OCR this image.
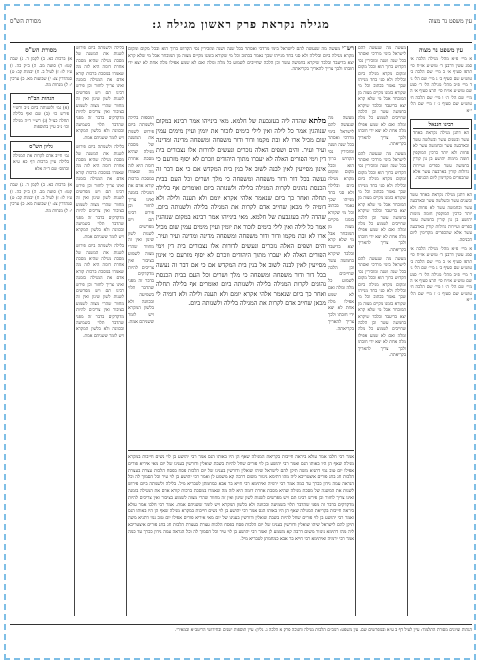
עין משפט נר מצוה
מגילה נקראת פרק ראשון מגילה ג:
מסורת הש"ס
עין משפט נר מצוה

א מיי׳ פ״א מהל׳ מגילה הלכה א׳ סמג עשין דרבנן ד׳ טוש״ע או״ח סי׳ תרפז סעיף א׳ ב מיי׳ שם הלכה ב׳ טוש״ע שם סעיף ב׳ ג מיי׳ שם הל׳ ג׳ ד מיי׳ פ״ב מהל׳ מגילה הל׳ ד׳ סמג שם טוש״ע או״ח סי׳ תרצ סעיף א׳ ה מיי׳ שם הל׳ ה׳ ו מיי׳ שם הלכה ח׳ טוש״ע שם סעיף ג׳ ז מיי׳ שם הל׳ י״א

רבינו חננאל

הא דתנן מגילה נקראת באחד עשר ובשנים עשר ובשלשה עשר ובארבעה עשר ובחמשה עשר לא פחות ולא יותר כרכין המוקפין חומה מימות יהושע בן נון קורין בחמשה עשר כפרים ועיירות גדולות קורין בארבעה עשר אלא שהכפרים מקדימין ליום הכניסה.

הא דתנן מגילה נקראת באחד עשר ובשנים עשר ובשלשה עשר ובארבעה עשר ובחמשה עשר לא פחות ולא יותר כרכין המוקפין חומה מימות יהושע בן נון קורין בחמשה עשר כפרים ועיירות גדולות קורין בארבעה עשר אלא שהכפרים מקדימין ליום הכניסה.

א מיי׳ פ״א מהל׳ מגילה הלכה א׳ סמג עשין דרבנן ד׳ טוש״ע או״ח סי׳ תרפז סעיף א׳ ב מיי׳ שם הלכה ב׳ טוש״ע שם סעיף ב׳ ג מיי׳ שם הל׳ ג׳ ד מיי׳ פ״ב מהל׳ מגילה הל׳ ד׳ סמג שם טוש״ע או״ח סי׳ תרצ סעיף א׳ ה מיי׳ שם הל׳ ה׳ ו מיי׳ שם הלכה ח׳ טוש״ע שם סעיף ג׳ ז מיי׳ שם הל׳ י״א

מעשה מה שנעשה להם לישראל בימי מרדכי ואסתר בכל שנה ושנה ומזכירין נסי הקדוש ברוך הוא ובכל מקום ומקום מקרא מגילה ביום ובלילה ולא סגי בחד מנייהו שכך נאמר בכתוב וכל מי שקורא בזמנו מקיים מצוה מן המובחר אבל מי שלא קרא יצא בדיעבד ובלבד שיקרא בחמשה עשר וכן הלכה שחייבים לשמוע כל מלה ומלה ואם לא שמע אפילו מלה אחת לא יצא ידי חובתו ולכך צריך להאריך בקריאתה.

מעשה מה שנעשה להם לישראל בימי מרדכי ואסתר בכל שנה ושנה ומזכירין נסי הקדוש ברוך הוא ובכל מקום ומקום מקרא מגילה ביום ובלילה ולא סגי בחד מנייהו שכך נאמר בכתוב וכל מי שקורא בזמנו מקיים מצוה מן המובחר אבל מי שלא קרא יצא בדיעבד ובלבד שיקרא בחמשה עשר וכן הלכה שחייבים לשמוע כל מלה ומלה ואם לא שמע אפילו מלה אחת לא יצא ידי חובתו ולכך צריך להאריך בקריאתה.

מעשה מה שנעשה להם לישראל בימי מרדכי ואסתר בכל שנה ושנה ומזכירין נסי הקדוש ברוך הוא ובכל מקום ומקום מקרא מגילה ביום ובלילה ולא סגי בחד מנייהו שכך נאמר בכתוב וכל מי שקורא בזמנו מקיים מצוה מן המובחר אבל מי שלא קרא יצא בדיעבד ובלבד שיקרא בחמשה עשר וכן הלכה שחייבים לשמוע כל מלה ומלה ואם לא שמע אפילו מלה אחת לא יצא ידי חובתו ולכך צריך להאריך בקריאתה.

רש"י מעשה מה שנעשה להם לישראל בימי מרדכי ואסתר בכל שנה ושנה ומזכירין נסי הקדוש ברוך הוא ובכל מקום ומקום מקרא מגילה ביום ובלילה ולא סגי בחד מנייהו שכך נאמר בכתוב וכל מי שקורא בזמנו מקיים מצוה מן המובחר אבל מי שלא קרא יצא בדיעבד ובלבד שיקרא בחמשה עשר וכן הלכה שחייבים לשמוע כל מלה ומלה ואם לא שמע אפילו מלה אחת לא יצא ידי חובתו ולכך צריך להאריך בקריאתה.
מעשה מה שנעשה להם לישראל בימי מרדכי ואסתר בכל שנה ושנה ומזכירין נסי הקדוש ברוך הוא ובכל מקום ומקום מקרא מגילה ביום ובלילה ולא סגי בחד מנייהו שכך נאמר בכתוב וכל מי שקורא בזמנו מקיים מצוה מן המובחר אבל מי שלא קרא יצא בדיעבד ובלבד שיקרא בחמשה עשר וכן הלכה שחייבים לשמוע כל מלה ומלה ואם לא שמע אפילו מלה אחת לא יצא ידי חובתו ולכך צריך להאריך בקריאתה.
תוספות בלילה ולשנותה ביום פירוש לשנות את המשנה של מסכת מגילה שהיא מסכת אחרת דומה היא לזה מה שאמרו במסכת ברכות קורא אדם את המגילה בזמנה ואינו צריך לחזור וכן פירש רבינו תם ויש מפרשים לשנות לשון שינון ואין זה מחוור שהרי מצוה לשמוע בציבור ואין צריכים להיות מדקדקים בדבר זה מפני שהדבר תלוי בשמיעה ובכוונה ולא בלשון המקרא ויש לומר ששניהם אמת.
מלתא שהדה ליה בעזגבעת של חלמא. מאי בינייהו אמר רבינא במקום שנוהגין אמר כל לילה ואין לילי כימים לזכור את יומין ועיין מימים עמין שום מכיל ארו לא ובת מקמו ודור ודור משפחה ומשפחה מדינה ומדינה ועיר ועיר. והים ושפים האלה נזכרים ונעשים לדורות אלו נצבורים בית דין וימי הפורים האלה לא יעברו מתוך היהודים וזכרם לא יסוף מזרעם כי אינון מסייעין לאין לבנה לשוב אל בנין בית המקדש אם כי אם דבר זה נעשה בכל דור ודור משפחה ומשפחה כי מלך ושרים וכל העם בבית הכנסת נהוגים לקרות המגילה בלילה ולשנותה ביום ואומרים אף בלילה תחלה ואחר כך ביום שנאמר אלהי אקרא יומם ולא תענה ולילה ולא דומיה לי מכאן שחייב אדם לקרות את המגילה בלילה ולשנותה ביום. שהדה ליה בעזגבעת של חלמא. מאי בינייהו אמר רבינא במקום שנוהגין אמר כל לילה ואין לילי כימים לזכור את יומין ועיין מימים עמין שום מכיל ארו לא ובת מקמו ודור ודור משפחה ומשפחה מדינה ומדינה ועיר ועיר. והים ושפים האלה נזכרים ונעשים לדורות אלו נצבורים בית דין וימי הפורים האלה לא יעברו מתוך היהודים וזכרם לא יסוף מזרעם כי אינון מסייעין לאין לבנה לשוב אל בנין בית המקדש אם כי אם דבר זה נעשה בכל דור ודור משפחה ומשפחה כי מלך ושרים וכל העם בבית הכנסת נהוגים לקרות המגילה בלילה ולשנותה ביום ואומרים אף בלילה תחלה ואחר כך ביום שנאמר אלהי אקרא יומם ולא תענה ולילה ולא דומיה לי מכאן שחייב אדם לקרות את המגילה בלילה ולשנותה ביום.
אמר רבי חלבו אמר עולא ביראה חייבות בקריאת המגילה שאף הן היו באותו הנס אמר רבי יהושע בן לוי נשים חייבות במקרא מגילה שאף הן היו באותו הנס ואמר רבי יהושע בן לוי פורים שחל להיות בשבת שואלין ודורשין בענינו של יום מאי איריא פורים אפילו יום טוב נמי דתניא משה תיקן להם לישראל שיהו שואלין ודורשין בענינו של יום הלכות פסח בפסח הלכות עצרת בעצרת הלכות חג בחג פורים איצטריכא ליה מהו דתימא ניגזור משום דרבה קא משמע לן ואמר רבי יהושע בן לוי עיר וכל הסמוך לה וכל הנראה עמה נידון ככרך עד כמה אמר רבי ירמיה ואיתימא רבי חייא בר אבא כמחמתן לטבריא מיל. בלילה ולשנותה ביום פירוש לשנות את המשנה של מסכת מגילה שהיא מסכת אחרת דומה היא לזה מה שאמרו במסכת ברכות קורא אדם את המגילה בזמנה ואינו צריך לחזור וכן פירש רבינו תם ויש מפרשים לשנות לשון שינון ואין זה מחוור שהרי מצוה לשמוע בציבור ואין צריכים להיות מדקדקים בדבר זה מפני שהדבר תלוי בשמיעה ובכוונה ולא בלשון המקרא ויש לומר ששניהם אמת. אמר רבי חלבו אמר עולא ביראה חייבות בקריאת המגילה שאף הן היו באותו הנס אמר רבי יהושע בן לוי נשים חייבות במקרא מגילה שאף הן היו באותו הנס ואמר רבי יהושע בן לוי פורים שחל להיות בשבת שואלין ודורשין בענינו של יום מאי איריא פורים אפילו יום טוב נמי דתניא משה תיקן להם לישראל שיהו שואלין ודורשין בענינו של יום הלכות פסח בפסח הלכות עצרת בעצרת הלכות חג בחג פורים איצטריכא ליה מהו דתימא ניגזור משום דרבה קא משמע לן ואמר רבי יהושע בן לוי עיר וכל הסמוך לה וכל הנראה עמה נידון ככרך עד כמה אמר רבי ירמיה ואיתימא רבי חייא בר אבא כמחמתן לטבריא מיל.

בלילה ולשנותה ביום פירוש לשנות את המשנה של מסכת מגילה שהיא מסכת אחרת דומה היא לזה מה שאמרו במסכת ברכות קורא אדם את המגילה בזמנה ואינו צריך לחזור וכן פירש רבינו תם ויש מפרשים לשנות לשון שינון ואין זה מחוור שהרי מצוה לשמוע בציבור ואין צריכים להיות מדקדקים בדבר זה מפני שהדבר תלוי בשמיעה ובכוונה ולא בלשון המקרא ויש לומר ששניהם אמת.

בלילה ולשנותה ביום פירוש לשנות את המשנה של מסכת מגילה שהיא מסכת אחרת דומה היא לזה מה שאמרו במסכת ברכות קורא אדם את המגילה בזמנה ואינו צריך לחזור וכן פירש רבינו תם ויש מפרשים לשנות לשון שינון ואין זה מחוור שהרי מצוה לשמוע בציבור ואין צריכים להיות מדקדקים בדבר זה מפני שהדבר תלוי בשמיעה ובכוונה ולא בלשון המקרא ויש לומר ששניהם אמת.

בלילה ולשנותה ביום פירוש לשנות את המשנה של מסכת מגילה שהיא מסכת אחרת דומה היא לזה מה שאמרו במסכת ברכות קורא אדם את המגילה בזמנה ואינו צריך לחזור וכן פירש רבינו תם ויש מפרשים לשנות לשון שינון ואין זה מחוור שהרי מצוה לשמוע בציבור ואין צריכים להיות מדקדקים בדבר זה מפני שהדבר תלוי בשמיעה ובכוונה ולא בלשון המקרא ויש לומר ששניהם אמת.

מסורת הש"ס

א) ברכות כא. ב) לקמן ד. ג) שבת קטו: ד) סוטה מב. ה) ב״ק כה. ו) ע״ז לו: ז) לעיל ב. ח) יבמות קב: ט) סנהדרין צג: י) שבועות מא. כ) ערכין י: ל) מנחות מה.

הגהות הב"ח

(א) גמ׳ ולשנותה ביום נ״ב ורש״י פירש כו׳ (ב) שם ואף בלילה תחלה כצ״ל (ג) רש״י ד״ה מגילה וכו׳ נ״ב עיין בתוספות

גליון הש"ס

גמ׳ חייב אדם לקרות את המגילה בלילה עיין ברכות דף כא ע״א ובתוס׳ שם ד״ה אלא

א) ברכות כא. ב) לקמן ד. ג) שבת קטו: ד) סוטה מב. ה) ב״ק כה. ו) ע״ז לו: ז) לעיל ב. ח) יבמות קב: ט) סנהדרין צג: י) שבועות מא. כ) ערכין י: ל) מנחות מה.

הגהות וציונים מסורת התלמוד: עיין לעיל דף ב ע״א ובמפרשים שם. עין משפט: רמב״ם הלכות מגילה וחנוכה פרק א הלכה ג. גליון: עיין תוספות ישנים ובחידושי הריטב״א ובמאירי.
